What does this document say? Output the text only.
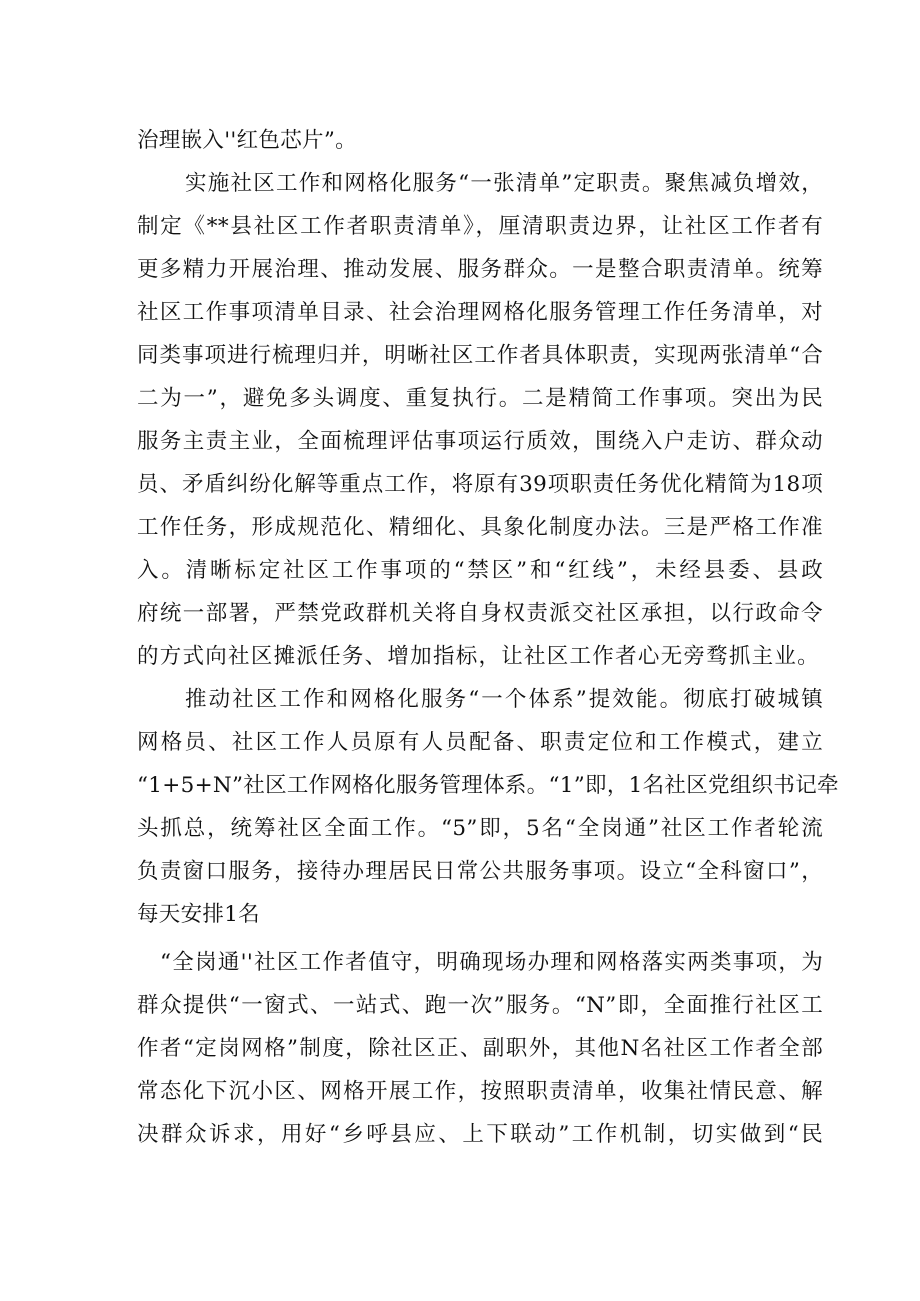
治理嵌入''红色芯片”。

实施社区工作和网格化服务“一张清单”定职责。聚焦减负增效，

制定《**县社区工作者职责清单》，厘清职责边界，让社区工作者有

更多精力开展治理、推动发展、服务群众。一是整合职责清单。统筹

社区工作事项清单目录、社会治理网格化服务管理工作任务清单，对

同类事项进行梳理归并，明晰社区工作者具体职责，实现两张清单“合

二为一”，避免多头调度、重复执行。二是精简工作事项。突出为民

服务主责主业，全面梳理评估事项运行质效，围绕入户走访、群众动

员、矛盾纠纷化解等重点工作，将原有39项职责任务优化精简为18项

工作任务，形成规范化、精细化、具象化制度办法。三是严格工作准

入。清晰标定社区工作事项的“禁区”和“红线”，未经县委、县政

府统一部署，严禁党政群机关将自身权责派交社区承担，以行政命令

的方式向社区摊派任务、增加指标，让社区工作者心无旁骛抓主业。

推动社区工作和网格化服务“一个体系”提效能。彻底打破城镇

网格员、社区工作人员原有人员配备、职责定位和工作模式，建立

“1+5+N”社区工作网格化服务管理体系。“1”即，1名社区党组织书记牵

头抓总，统筹社区全面工作。“5”即，5名“全岗通”社区工作者轮流

负责窗口服务，接待办理居民日常公共服务事项。设立“全科窗口”，

每天安排1名

“全岗通''社区工作者值守，明确现场办理和网格落实两类事项，为

群众提供“一窗式、一站式、跑一次”服务。“N”即，全面推行社区工

作者“定岗网格”制度，除社区正、副职外，其他N名社区工作者全部

常态化下沉小区、网格开展工作，按照职责清单，收集社情民意、解

决群众诉求，用好“乡呼县应、上下联动”工作机制，切实做到“民
